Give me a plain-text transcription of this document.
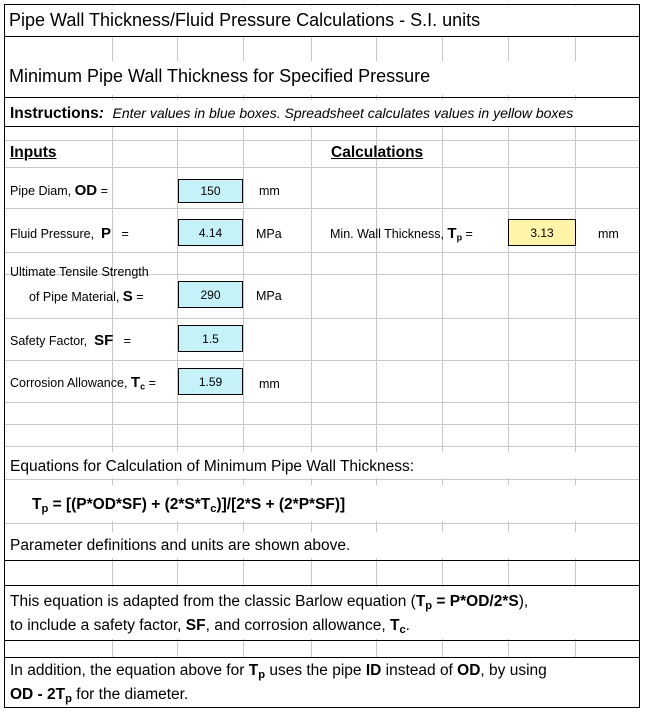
Pipe Wall Thickness/Fluid Pressure Calculations - S.I. units
Minimum Pipe Wall Thickness for Specified Pressure
Instructions: Enter values in blue boxes. Spreadsheet calculates values in yellow boxes
Inputs	Calculations
Pipe Diam, OD =	150	mm
Fluid Pressure,  P =	4.14	MPa	Min. Wall Thickness, $T_p$ =	3.13	mm
Ultimate Tensile Strength
of Pipe Material, S =	290	MPa
Safety Factor,  SF =	1.5
Corrosion Allowance, $T_c$ =	1.59	mm
Equations for Calculation of Minimum Pipe Wall Thickness:
$T_p = [(P*OD*SF) + (2*S*T_c)]/[2*S + (2*P*SF)]$
Parameter definitions and units are shown above.
This equation is adapted from the classic Barlow equation $(T_p = P*OD/2*S)$,
to include a safety factor, SF, and corrosion allowance, $T_c$.
In addition, the equation above for $T_p$ uses the pipe ID instead of OD, by using
OD - $2T_p$ for the diameter.
